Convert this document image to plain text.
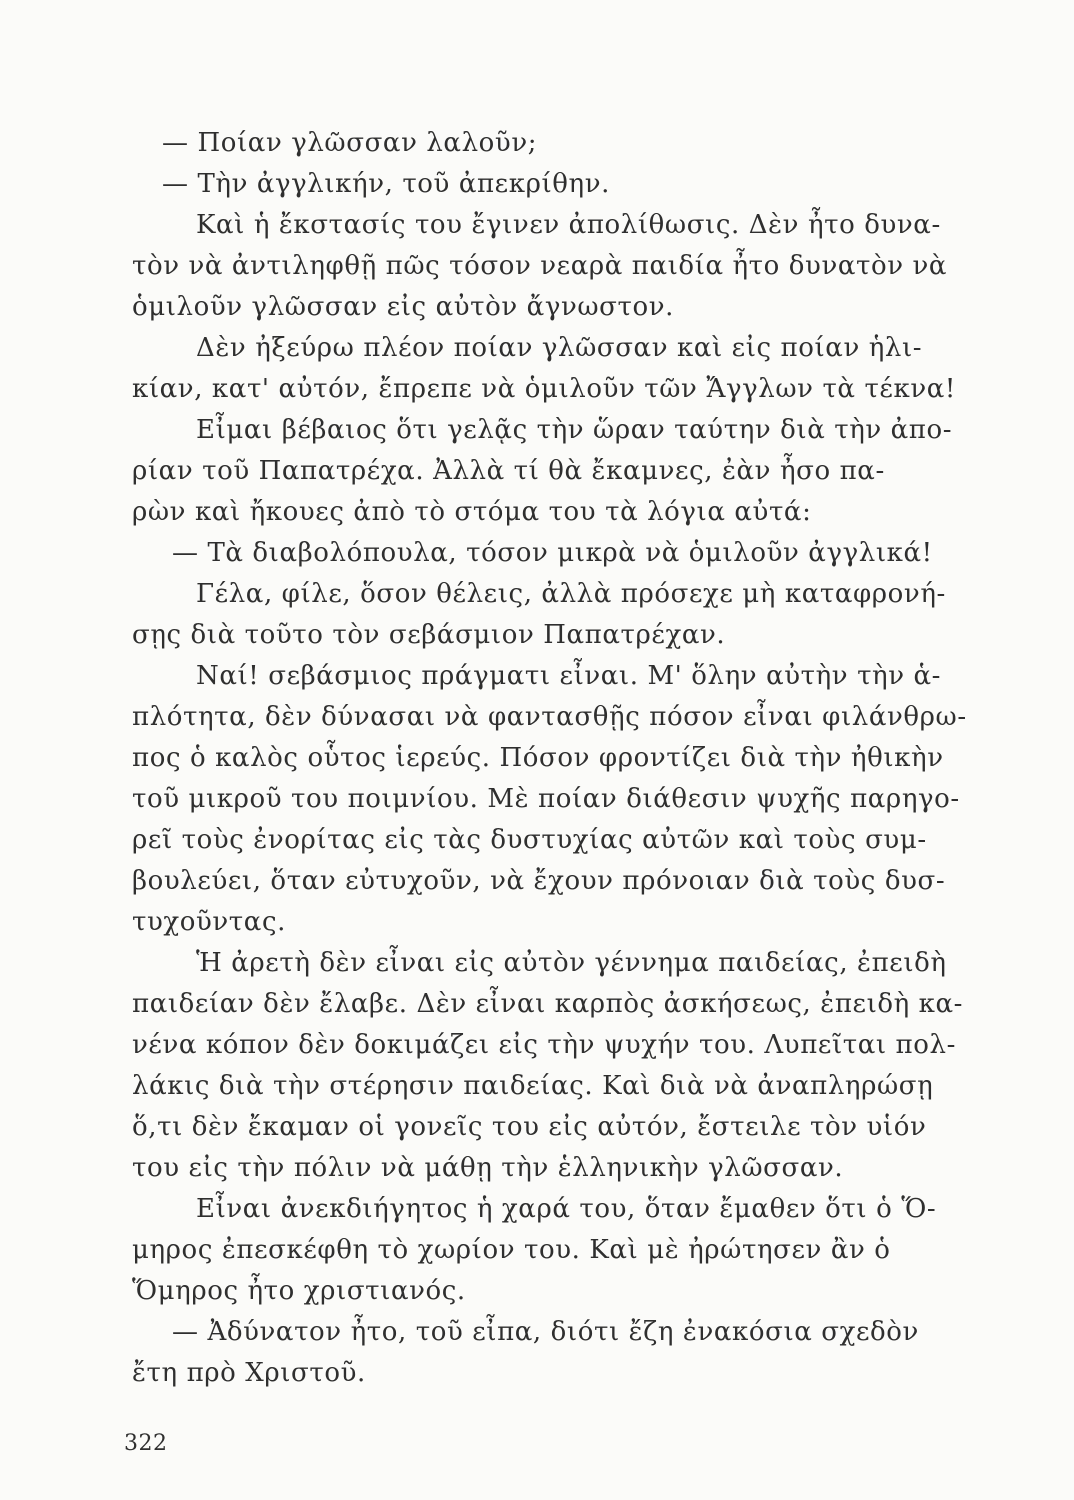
— Ποίαν γλῶσσαν λαλοῦν;
— Τὴν ἀγγλικήν, τοῦ ἀπεκρίθην.
Καὶ ἡ ἔκστασίς του ἔγινεν ἀπολίθωσις. Δὲν ἦτο δυνα-
τὸν νὰ ἀντιληφθῇ πῶς τόσον νεαρὰ παιδία ἦτο δυνατὸν νὰ
ὁμιλοῦν γλῶσσαν εἰς αὐτὸν ἄγνωστον.
Δὲν ἠξεύρω πλέον ποίαν γλῶσσαν καὶ εἰς ποίαν ἡλι-
κίαν, κατ' αὐτόν, ἔπρεπε νὰ ὁμιλοῦν τῶν Ἄγγλων τὰ τέκνα!
Εἶμαι βέβαιος ὅτι γελᾷς τὴν ὥραν ταύτην διὰ τὴν ἀπο-
ρίαν τοῦ Παπατρέχα. Ἀλλὰ τί θὰ ἔκαμνες, ἐὰν ἦσο πα-
ρὼν καὶ ἤκουες ἀπὸ τὸ στόμα του τὰ λόγια αὐτά:
— Τὰ διαβολόπουλα, τόσον μικρὰ νὰ ὁμιλοῦν ἀγγλικά!
Γέλα, φίλε, ὅσον θέλεις, ἀλλὰ πρόσεχε μὴ καταφρονή-
σῃς διὰ τοῦτο τὸν σεβάσμιον Παπατρέχαν.
Ναί! σεβάσμιος πράγματι εἶναι. Μ' ὅλην αὐτὴν τὴν ἁ-
πλότητα, δὲν δύνασαι νὰ φαντασθῇς πόσον εἶναι φιλάνθρω-
πος ὁ καλὸς οὗτος ἱερεύς. Πόσον φροντίζει διὰ τὴν ἠθικὴν
τοῦ μικροῦ του ποιμνίου. Μὲ ποίαν διάθεσιν ψυχῆς παρηγο-
ρεῖ τοὺς ἐνορίτας εἰς τὰς δυστυχίας αὐτῶν καὶ τοὺς συμ-
βουλεύει, ὅταν εὐτυχοῦν, νὰ ἔχουν πρόνοιαν διὰ τοὺς δυσ-
τυχοῦντας.
Ἡ ἀρετὴ δὲν εἶναι εἰς αὐτὸν γέννημα παιδείας, ἐπειδὴ
παιδείαν δὲν ἔλαβε. Δὲν εἶναι καρπὸς ἀσκήσεως, ἐπειδὴ κα-
νένα κόπον δὲν δοκιμάζει εἰς τὴν ψυχήν του. Λυπεῖται πολ-
λάκις διὰ τὴν στέρησιν παιδείας. Καὶ διὰ νὰ ἀναπληρώσῃ
ὅ,τι δὲν ἔκαμαν οἱ γονεῖς του εἰς αὐτόν, ἔστειλε τὸν υἱόν
του εἰς τὴν πόλιν νὰ μάθῃ τὴν ἑλληνικὴν γλῶσσαν.
Εἶναι ἀνεκδιήγητος ἡ χαρά του, ὅταν ἔμαθεν ὅτι ὁ Ὅ-
μηρος ἐπεσκέφθη τὸ χωρίον του. Καὶ μὲ ἠρώτησεν ἂν ὁ
Ὅμηρος ἦτο χριστιανός.
— Ἀδύνατον ἦτο, τοῦ εἶπα, διότι ἔζη ἐνακόσια σχεδὸν
ἔτη πρὸ Χριστοῦ.
322
